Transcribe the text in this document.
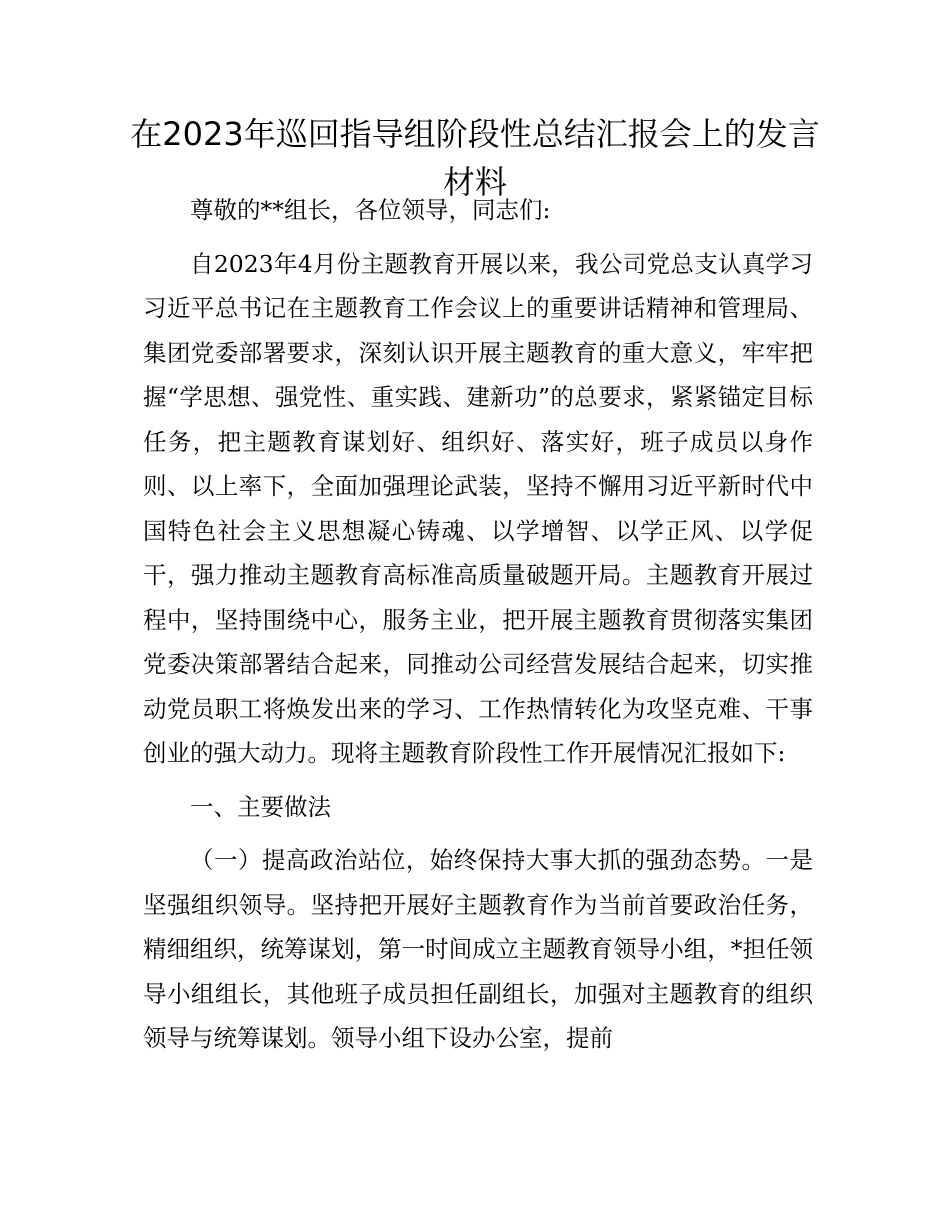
在2023年巡回指导组阶段性总结汇报会上的发言材料

尊敬的**组长，各位领导，同志们:

自2023年4月份主题教育开展以来，我公司党总支认真学习习近平总书记在主题教育工作会议上的重要讲话精神和管理局、集团党委部署要求，深刻认识开展主题教育的重大意义，牢牢把握“学思想、强党性、重实践、建新功”的总要求，紧紧锚定目标任务，把主题教育谋划好、组织好、落实好，班子成员以身作则、以上率下，全面加强理论武装，坚持不懈用习近平新时代中国特色社会主义思想凝心铸魂、以学增智、以学正风、以学促干，强力推动主题教育高标准高质量破题开局。主题教育开展过程中，坚持围绕中心，服务主业，把开展主题教育贯彻落实集团党委决策部署结合起来，同推动公司经营发展结合起来，切实推动党员职工将焕发出来的学习、工作热情转化为攻坚克难、干事创业的强大动力。现将主题教育阶段性工作开展情况汇报如下:

一、主要做法

（一）提高政治站位，始终保持大事大抓的强劲态势。一是坚强组织领导。坚持把开展好主题教育作为当前首要政治任务，精细组织，统筹谋划，第一时间成立主题教育领导小组，*担任领导小组组长，其他班子成员担任副组长，加强对主题教育的组织领导与统筹谋划。领导小组下设办公室，提前
